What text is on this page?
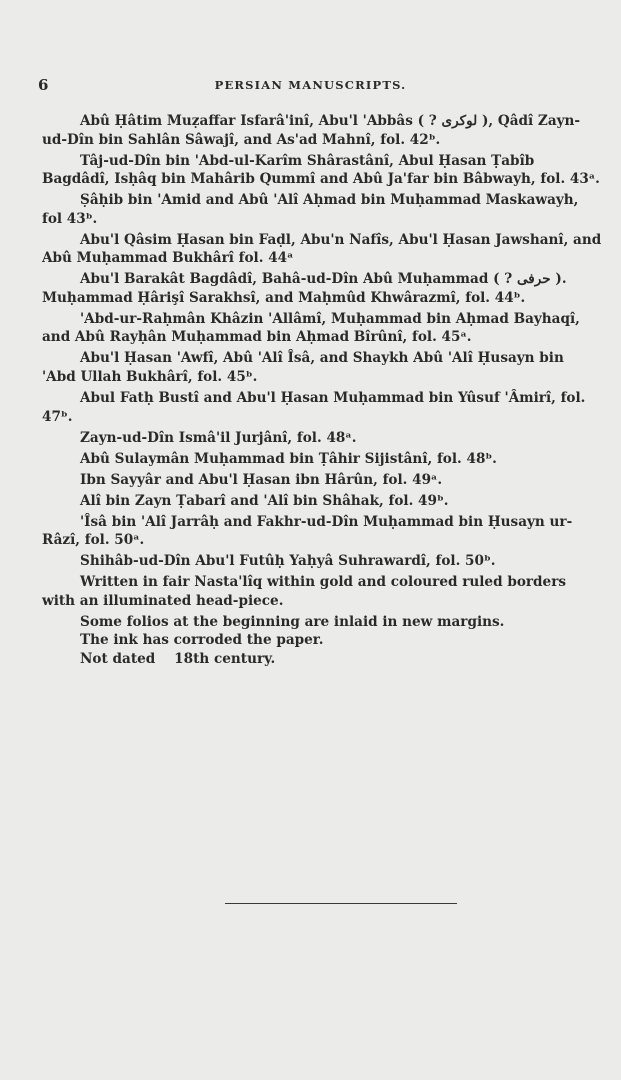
6	PERSIAN MANUSCRIPTS.

Abû Ḥâtim Muẓaffar Isfarâ'inî, Abu'l 'Abbâs ( ? لوکری ), Qâdî Zayn-ud-Dîn bin Sahlân Sâwajî, and As'ad Mahnî, fol. 42ᵇ.

Tâj-ud-Dîn bin 'Abd-ul-Karîm Shârastânî, Abul Ḥasan Ṭabîb Bagdâdî, Isḥâq bin Mahârib Qummî and Abû Ja'far bin Bâbwayh, fol. 43ᵃ.

Ṣâḥib bin 'Amid and Abû 'Alî Aḥmad bin Muḥammad Maskawayh, fol 43ᵇ.

Abu'l Qâsim Ḥasan bin Faḍl, Abu'n Nafîs, Abu'l Ḥasan Jawshanî, and Abû Muḥammad Bukhârî fol. 44ᵃ

Abu'l Barakât Bagdâdî, Bahâ-ud-Dîn Abû Muḥammad ( ? حرفی ). Muḥammad Ḥârişî Sarakhsî, and Maḥmûd Khwârazmî, fol. 44ᵇ.

'Abd-ur-Raḥmân Khâzin 'Allâmî, Muḥammad bin Aḥmad Bayhaqî, and Abû Rayḥân Muḥammad bin Aḥmad Bîrûnî, fol. 45ᵃ.

Abu'l Ḥasan 'Awfî, Abû 'Alî Îsâ, and Shaykh Abû 'Alî Ḥusayn bin 'Abd Ullah Bukhârî, fol. 45ᵇ.

Abul Fatḥ Bustî and Abu'l Ḥasan Muḥammad bin Yûsuf 'Âmirî, fol. 47ᵇ.

Zayn-ud-Dîn Ismâ'il Jurjânî, fol. 48ᵃ.

Abû Sulaymân Muḥammad bin Ṭâhir Sijistânî, fol. 48ᵇ.

Ibn Sayyâr and Abu'l Ḥasan ibn Hârûn, fol. 49ᵃ.

Alî bin Zayn Ṭabarî and 'Alî bin Shâhak, fol. 49ᵇ.

'Îsâ bin 'Alî Jarrâḥ and Fakhr-ud-Dîn Muḥammad bin Ḥusayn ur-Râzî, fol. 50ᵃ.

Shihâb-ud-Dîn Abu'l Futûḥ Yaḥyâ Suhrawardî, fol. 50ᵇ.

Written in fair Nasta'lîq within gold and coloured ruled borders with an illuminated head-piece.

Some folios at the beginning are inlaid in new margins.

The ink has corroded the paper.

Not dated    18th century.
